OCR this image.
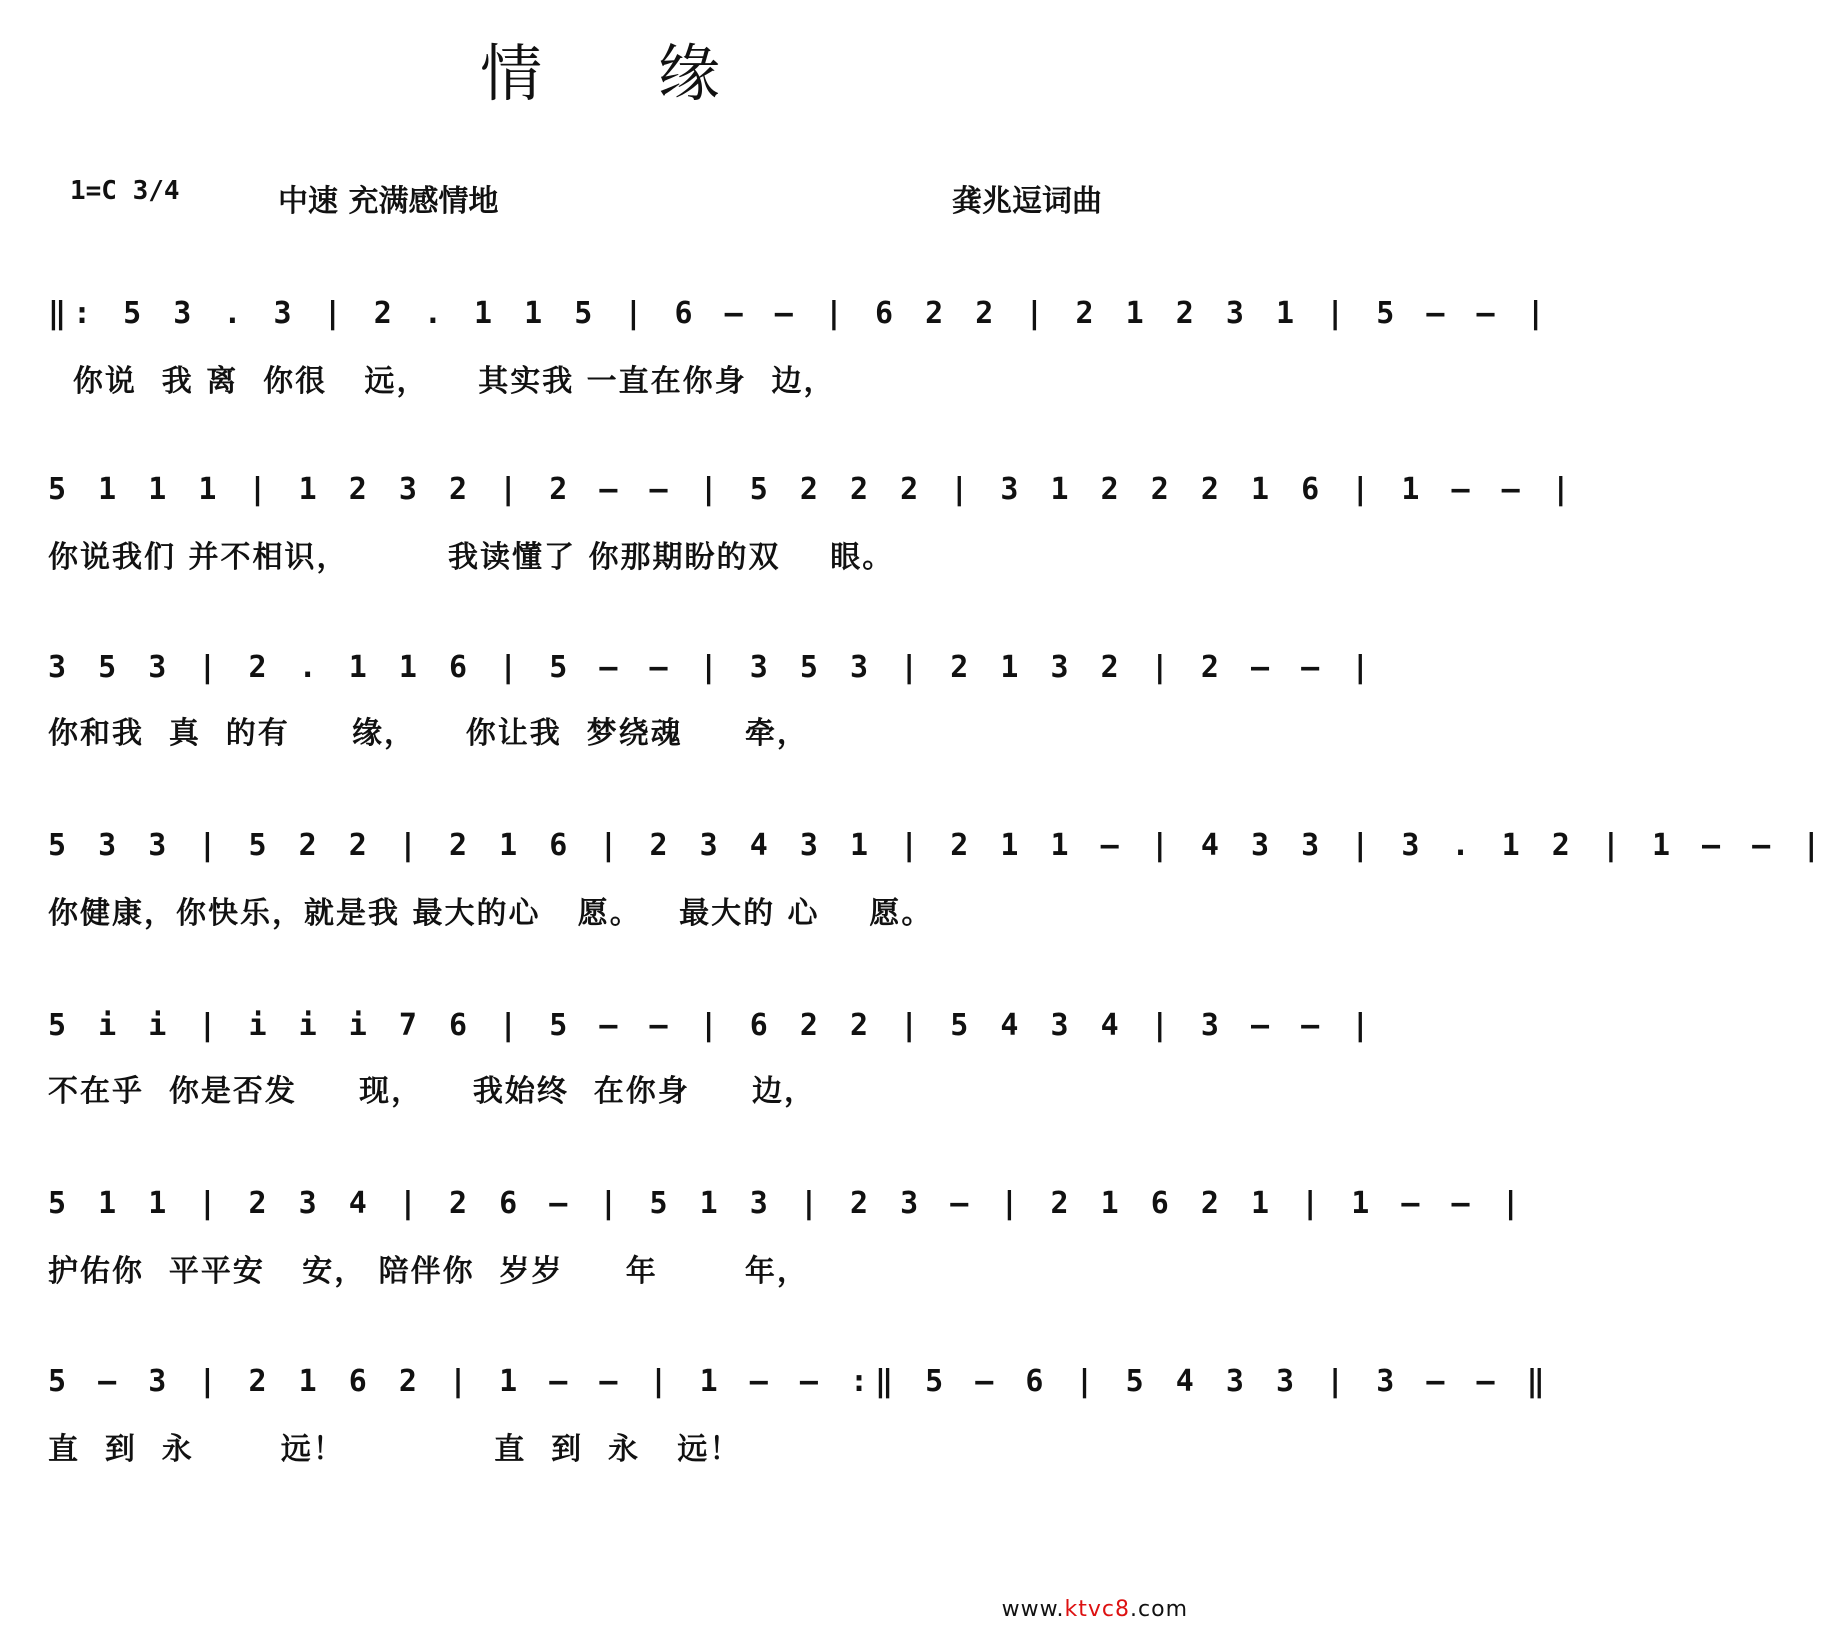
情 缘
1=C 3/4	中速 充满感情地	龚兆逗词曲
‖: 5 3 . 3 | 2 . 1 1 5 | 6 — — | 6 2 2 | 2 1 2 3 1 | 5 — — |
你说  我 离  你很   远，    其实我 一直在你身  边，
5 1 1 1 | 1 2 3 2 | 2 — — | 5 2 2 2 | 3 1 2 2 2 1 6 | 1 — — |
你说我们 并不相识，        我读懂了 你那期盼的双    眼。
3 5 3 | 2 . 1 1 6 | 5 — — | 3 5 3 | 2 1 3 2 | 2 — — |
你和我  真  的有     缘，    你让我  梦绕魂     牵，
5 3 3 | 5 2 2 | 2 1 6 | 2 3 4 3 1 | 2 1 1 — | 4 3 3 | 3 . 1 2 | 1 — — |
你健康，你快乐，就是我 最大的心   愿。   最大的 心    愿。
5 i i | i i i 7 6 | 5 — — | 6 2 2 | 5 4 3 4 | 3 — — |
不在乎  你是否发     现，    我始终  在你身     边，
5 1 1 | 2 3 4 | 2 6 — | 5 1 3 | 2 3 — | 2 1 6 2 1 | 1 — — |
护佑你  平平安   安， 陪伴你  岁岁     年       年，
5 — 3 | 2 1 6 2 | 1 — — | 1 — — :‖ 5 — 6 | 5 4 3 3 | 3 — — ‖
直  到  永       远！            直  到  永   远！
www.ktvc8.com
